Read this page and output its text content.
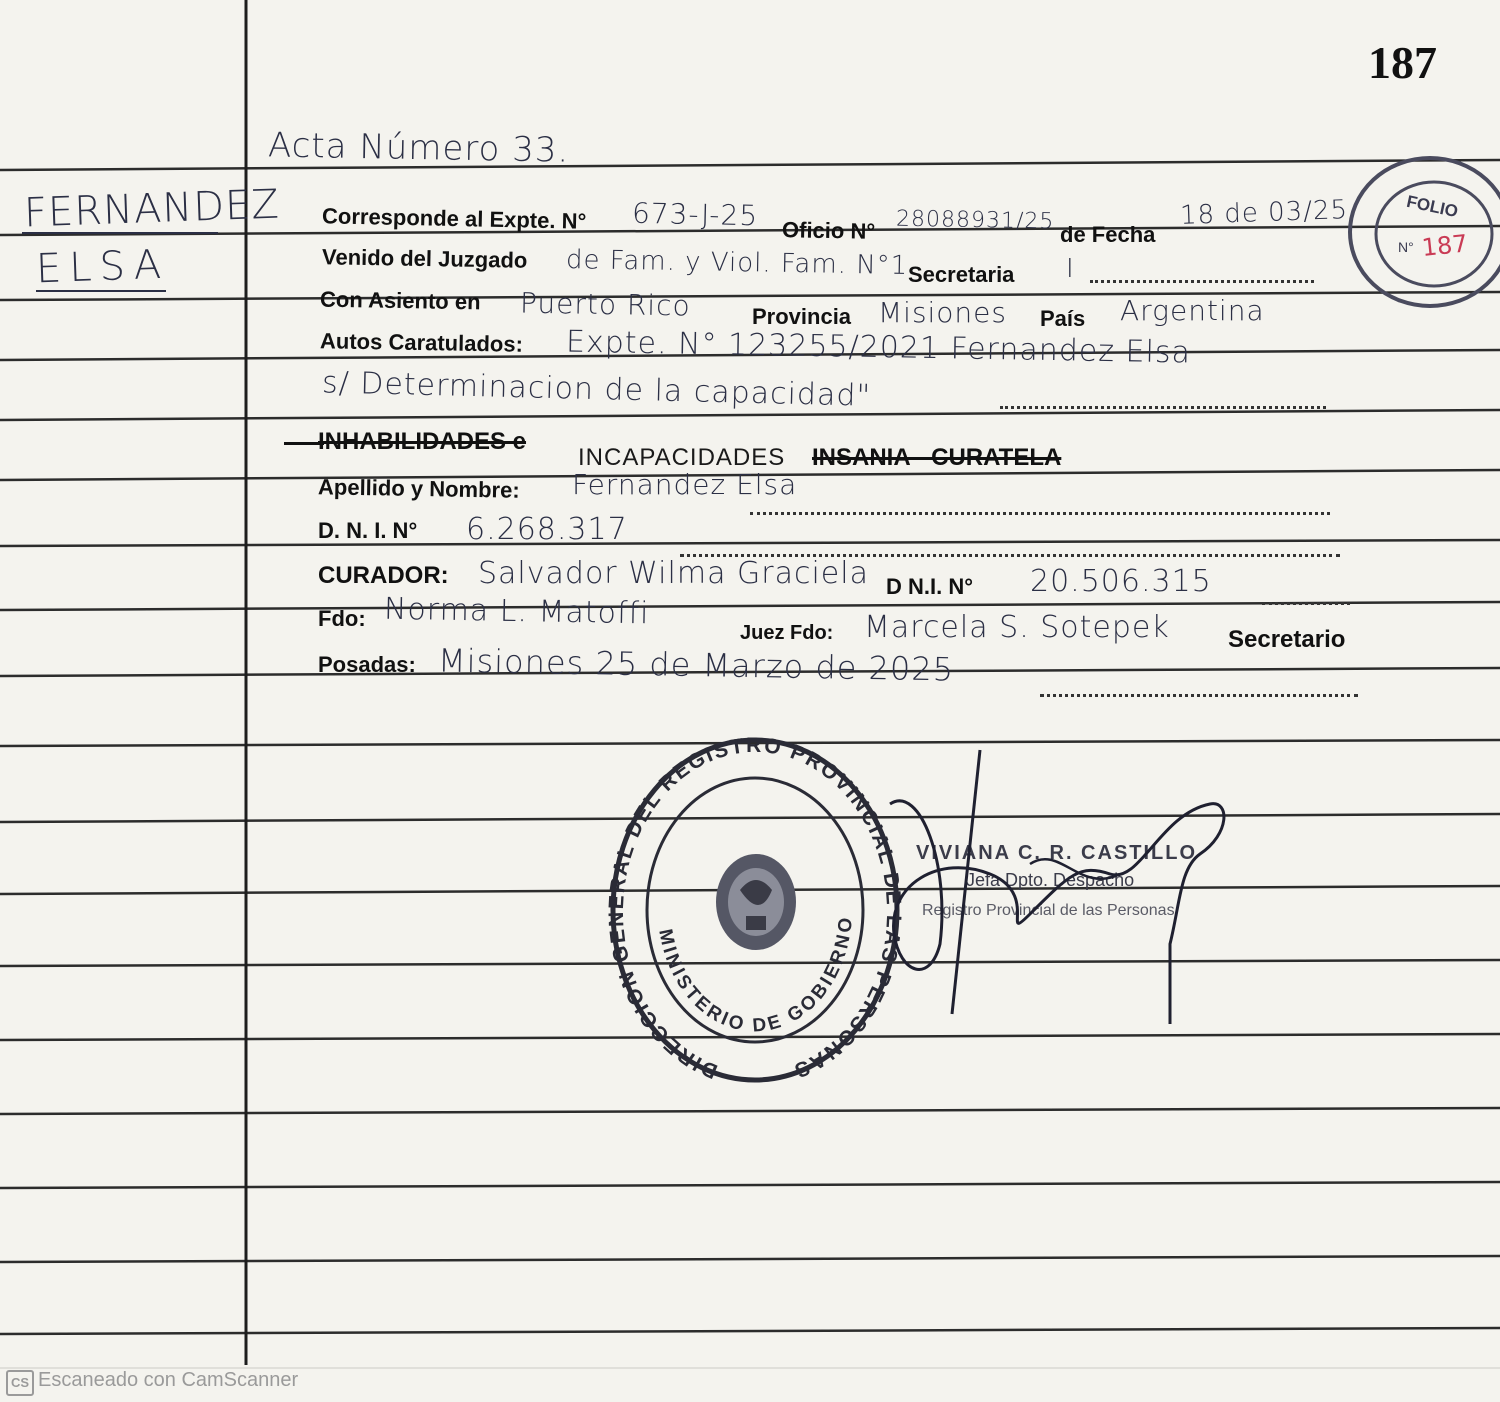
187
FERNANDEZ
ELSA
Acta Número 33.
Corresponde al Expte. N° 673-J-25 Oficio N° 28088931/25
de Fecha
18 de 03/25
Venido del Juzgado de Fam. y Viol. Fam. N°1 Secretaria I
Con Asiento en Puerto Rico	Provincia Misiones País Argentina
Autos Caratulados: Expte. N° 123255/2021 Fernandez Elsa
s/ Determinacion de la capacidad"
INHABILIDADES e
INCAPACIDADES INSANIA - CURATELA
Apellido y Nombre: Fernandez Elsa
D. N. I. N° 6.268.317
CURADOR: Salvador Wilma Graciela D N.I. N° 20.506.315
Fdo: Norma L. Matoffi
Juez Fdo: Marcela S. Sotepek Secretario
Posadas: Misiones 25 de Marzo de 2025
FOLIO
N° 187
DIRECCION GENERAL DEL REGISTRO PROVINCIAL DE LAS PERSONAS
MINISTERIO DE GOBIERNO
VIVIANA C. R. CASTILLO
Jefa Dpto. Despacho
Registro Provincial de las Personas
CS Escaneado con CamScanner
